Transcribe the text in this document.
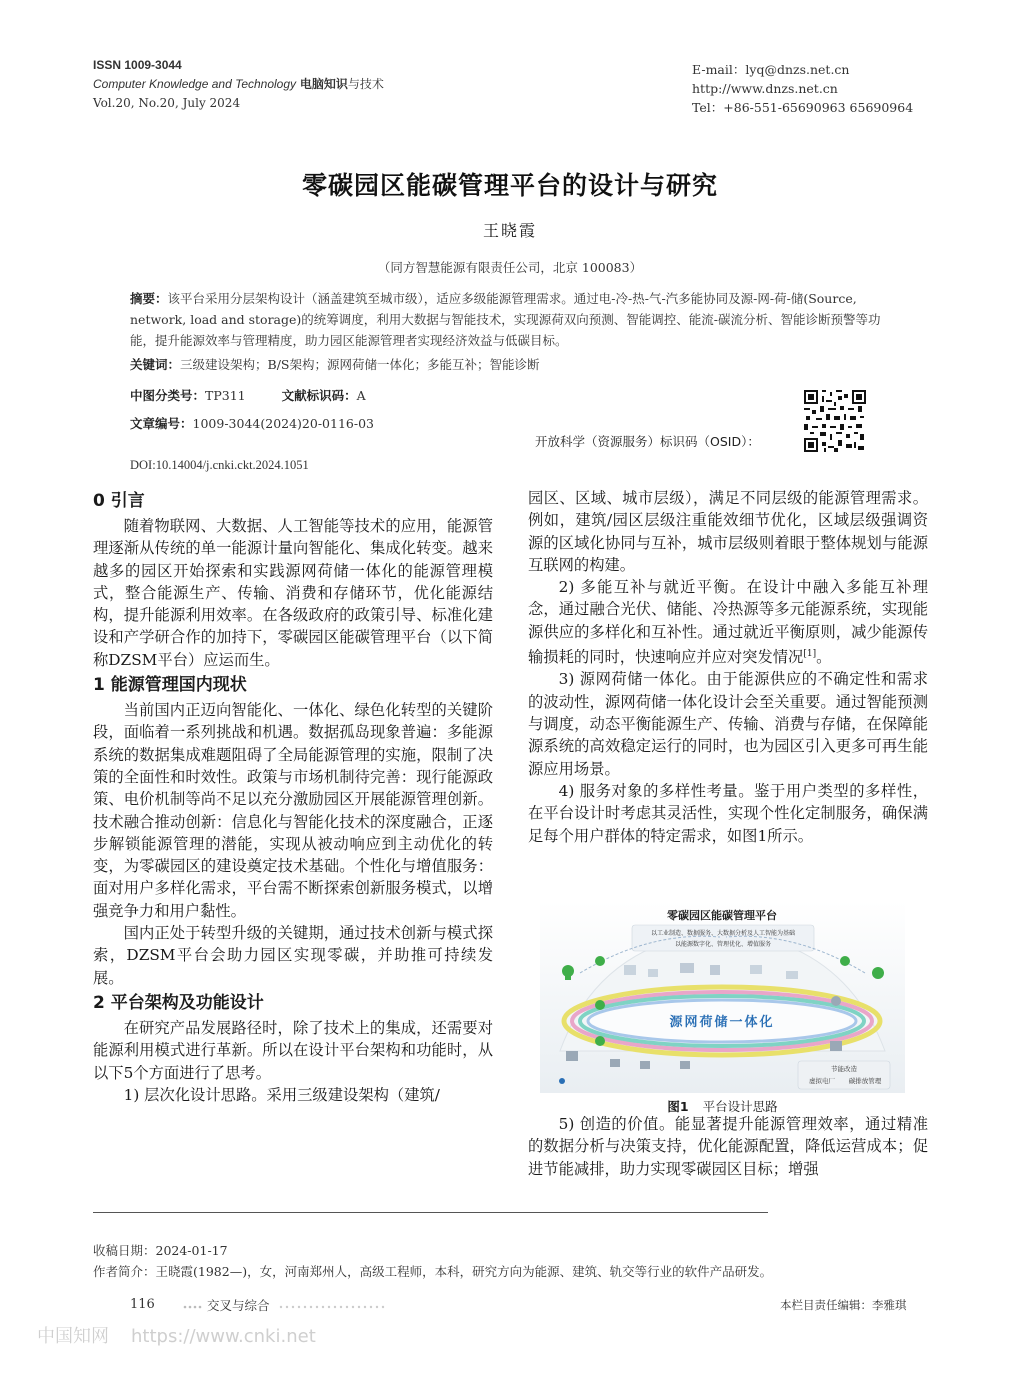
ISSN 1009-3044
Computer Knowledge and Technology 电脑知识与技术
Vol.20, No.20, July 2024
E-mail：lyq@dnzs.net.cn
http://www.dnzs.net.cn
Tel：+86-551-65690963 65690964
零碳园区能碳管理平台的设计与研究
王晓霞
（同方智慧能源有限责任公司，北京 100083）
摘要：该平台采用分层架构设计（涵盖建筑至城市级），适应多级能源管理需求。通过电-冷-热-气-汽多能协同及源-网-荷-储(Source, network, load and storage)的统筹调度，利用大数据与智能技术，实现源荷双向预测、智能调控、能流-碳流分析、智能诊断预警等功能，提升能源效率与管理精度，助力园区能源管理者实现经济效益与低碳目标。
关键词：三级建设架构；B/S架构；源网荷储一体化；多能互补；智能诊断
中图分类号：TP311	文献标识码：A
文章编号：1009-3044(2024)20-0116-03
开放科学（资源服务）标识码（OSID）：
DOI:10.14004/j.cnki.ckt.2024.1051
0 引言

随着物联网、大数据、人工智能等技术的应用，能源管理逐渐从传统的单一能源计量向智能化、集成化转变。越来越多的园区开始探索和实践源网荷储一体化的能源管理模式，整合能源生产、传输、消费和存储环节，优化能源结构，提升能源利用效率。在各级政府的政策引导、标准化建设和产学研合作的加持下，零碳园区能碳管理平台（以下简称DZSM平台）应运而生。

1 能源管理国内现状

当前国内正迈向智能化、一体化、绿色化转型的关键阶段，面临着一系列挑战和机遇。数据孤岛现象普遍：多能源系统的数据集成难题阻碍了全局能源管理的实施，限制了决策的全面性和时效性。政策与市场机制待完善：现行能源政策、电价机制等尚不足以充分激励园区开展能源管理创新。技术融合推动创新：信息化与智能化技术的深度融合，正逐步解锁能源管理的潜能，实现从被动响应到主动优化的转变，为零碳园区的建设奠定技术基础。个性化与增值服务：面对用户多样化需求，平台需不断探索创新服务模式，以增强竞争力和用户黏性。

国内正处于转型升级的关键期，通过技术创新与模式探索，DZSM平台会助力园区实现零碳，并助推可持续发展。

2 平台架构及功能设计

在研究产品发展路径时，除了技术上的集成，还需要对能源利用模式进行革新。所以在设计平台架构和功能时，从以下5个方面进行了思考。

1) 层次化设计思路。采用三级建设架构（建筑/

园区、区域、城市层级），满足不同层级的能源管理需求。例如，建筑/园区层级注重能效细节优化，区域层级强调资源的区域化协同与互补，城市层级则着眼于整体规划与能源互联网的构建。

2) 多能互补与就近平衡。在设计中融入多能互补理念，通过融合光伏、储能、冷热源等多元能源系统，实现能源供应的多样化和互补性。通过就近平衡原则，减少能源传输损耗的同时，快速响应并应对突发情况[1]。

3) 源网荷储一体化。由于能源供应的不确定性和需求的波动性，源网荷储一体化设计会至关重要。通过智能预测与调度，动态平衡能源生产、传输、消费与存储，在保障能源系统的高效稳定运行的同时，也为园区引入更多可再生能源应用场景。

4) 服务对象的多样性考量。鉴于用户类型的多样性，在平台设计时考虑其灵活性，实现个性化定制服务，确保满足每个用户群体的特定需求，如图1所示。

零碳园区能碳管理平台
以工业制造、数据服务、大数据分析及人工智能为基础
以能源数字化、管理优化、增值服务
源网荷储一体化
节能改造
虚拟电厂 碳排放管理
图1 平台设计思路

5) 创造的价值。能显著提升能源管理效率，通过精准的数据分析与决策支持，优化能源配置，降低运营成本；促进节能减排，助力实现零碳园区目标；增强

收稿日期：2024-01-17
作者简介：王晓霞(1982—)，女，河南郑州人，高级工程师，本科，研究方向为能源、建筑、轨交等行业的软件产品研发。
116	交叉与综合	本栏目责任编辑：李雅琪
中国知网 https://www.cnki.net
